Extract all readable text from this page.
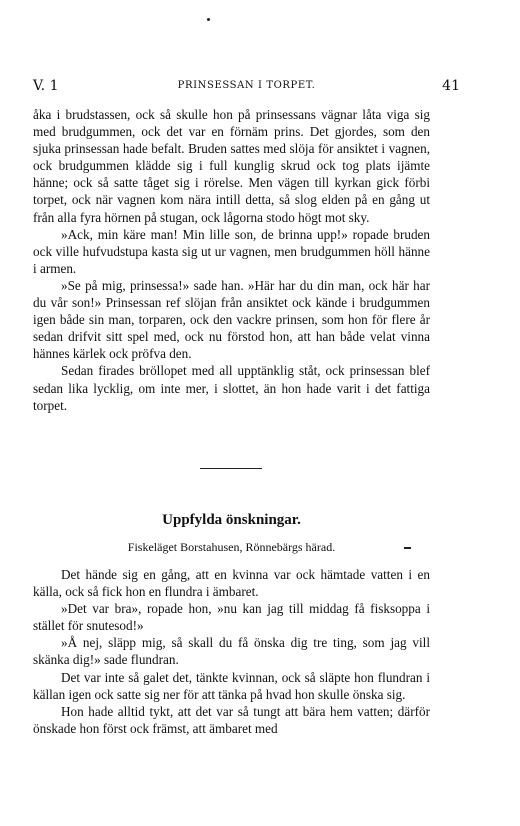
V. 1	PRINSESSAN I TORPET.	41

åka i brudstassen, ock så skulle hon på prinsessans vägnar låta viga sig med brudgummen, ock det var en förnäm prins. Det gjordes, som den sjuka prinsessan hade befalt. Bruden sattes med slöja för ansiktet i vagnen, ock brudgummen klädde sig i full kunglig skrud ock tog plats ijämte hänne; ock så satte tåget sig i rörelse. Men vägen till kyrkan gick förbi torpet, ock när vagnen kom nära intill detta, så slog elden på en gång ut från alla fyra hörnen på stugan, ock lågorna stodo högt mot sky.

»Ack, min käre man! Min lille son, de brinna upp!» ropade bruden ock ville hufvudstupa kasta sig ut ur vagnen, men brudgummen höll hänne i armen.

»Se på mig, prinsessa!» sade han. »Här har du din man, ock här har du vår son!» Prinsessan ref slöjan från ansiktet ock kände i brudgummen igen både sin man, torparen, ock den vackre prinsen, som hon för flere år sedan drifvit sitt spel med, ock nu förstod hon, att han både velat vinna hännes kärlek ock pröfva den.

Sedan firades bröllopet med all upptänklig ståt, ock prinsessan blef sedan lika lycklig, om inte mer, i slottet, än hon hade varit i det fattiga torpet.

Uppfylda önskningar.
Fiskeläget Borstahusen, Rönnebärgs härad.

Det hände sig en gång, att en kvinna var ock hämtade vatten i en källa, ock så fick hon en flundra i ämbaret.

»Det var bra», ropade hon, »nu kan jag till middag få fisksoppa i stället för snutesod!»

»Å nej, släpp mig, så skall du få önska dig tre ting, som jag vill skänka dig!» sade flundran.

Det var inte så galet det, tänkte kvinnan, ock så släpte hon flundran i källan igen ock satte sig ner för att tänka på hvad hon skulle önska sig.

Hon hade alltid tykt, att det var så tungt att bära hem vatten; därför önskade hon först ock främst, att ämbaret med
